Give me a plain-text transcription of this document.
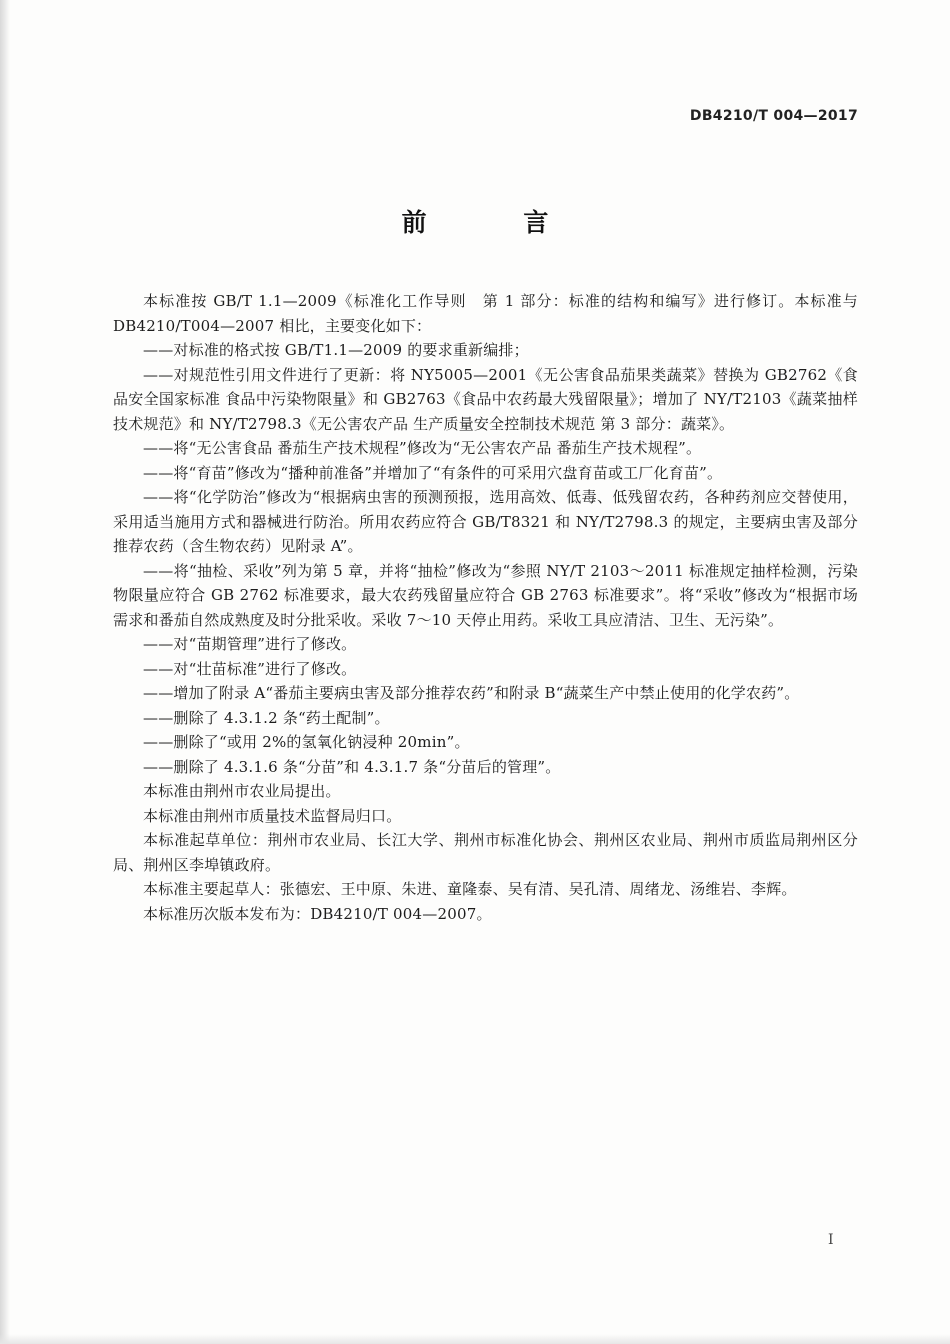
DB4210/T 004—2017
前 言

本标准按 GB/T 1.1—2009《标准化工作导则　第 1 部分：标准的结构和编写》进行修订。本标准与 DB4210/T004—2007 相比，主要变化如下：

——对标准的格式按 GB/T1.1—2009 的要求重新编排；

——对规范性引用文件进行了更新：将 NY5005—2001《无公害食品茄果类蔬菜》替换为 GB2762《食品安全国家标准 食品中污染物限量》和 GB2763《食品中农药最大残留限量》；增加了 NY/T2103《蔬菜抽样技术规范》和 NY/T2798.3《无公害农产品 生产质量安全控制技术规范 第 3 部分：蔬菜》。

——将“无公害食品 番茄生产技术规程”修改为“无公害农产品 番茄生产技术规程”。

——将“育苗”修改为“播种前准备”并增加了“有条件的可采用穴盘育苗或工厂化育苗”。

——将“化学防治”修改为“根据病虫害的预测预报，选用高效、低毒、低残留农药，各种药剂应交替使用，采用适当施用方式和器械进行防治。所用农药应符合 GB/T8321 和 NY/T2798.3 的规定，主要病虫害及部分推荐农药（含生物农药）见附录 A”。

——将“抽检、采收”列为第 5 章，并将“抽检”修改为“参照 NY/T 2103～2011 标准规定抽样检测，污染物限量应符合 GB 2762 标准要求，最大农药残留量应符合 GB 2763 标准要求”。将“采收”修改为“根据市场需求和番茄自然成熟度及时分批采收。采收 7～10 天停止用药。采收工具应清洁、卫生、无污染”。

——对“苗期管理”进行了修改。

——对“壮苗标准”进行了修改。

——增加了附录 A“番茄主要病虫害及部分推荐农药”和附录 B“蔬菜生产中禁止使用的化学农药”。

——删除了 4.3.1.2 条“药土配制”。

——删除了“或用 2%的氢氧化钠浸种 20min”。

——删除了 4.3.1.6 条“分苗”和 4.3.1.7 条“分苗后的管理”。

本标准由荆州市农业局提出。

本标准由荆州市质量技术监督局归口。

本标准起草单位：荆州市农业局、长江大学、荆州市标准化协会、荆州区农业局、荆州市质监局荆州区分局、荆州区李埠镇政府。

本标准主要起草人：张德宏、王中原、朱进、童隆泰、吴有清、吴孔清、周绪龙、汤维岩、李辉。

本标准历次版本发布为：DB4210/T 004—2007。

I
